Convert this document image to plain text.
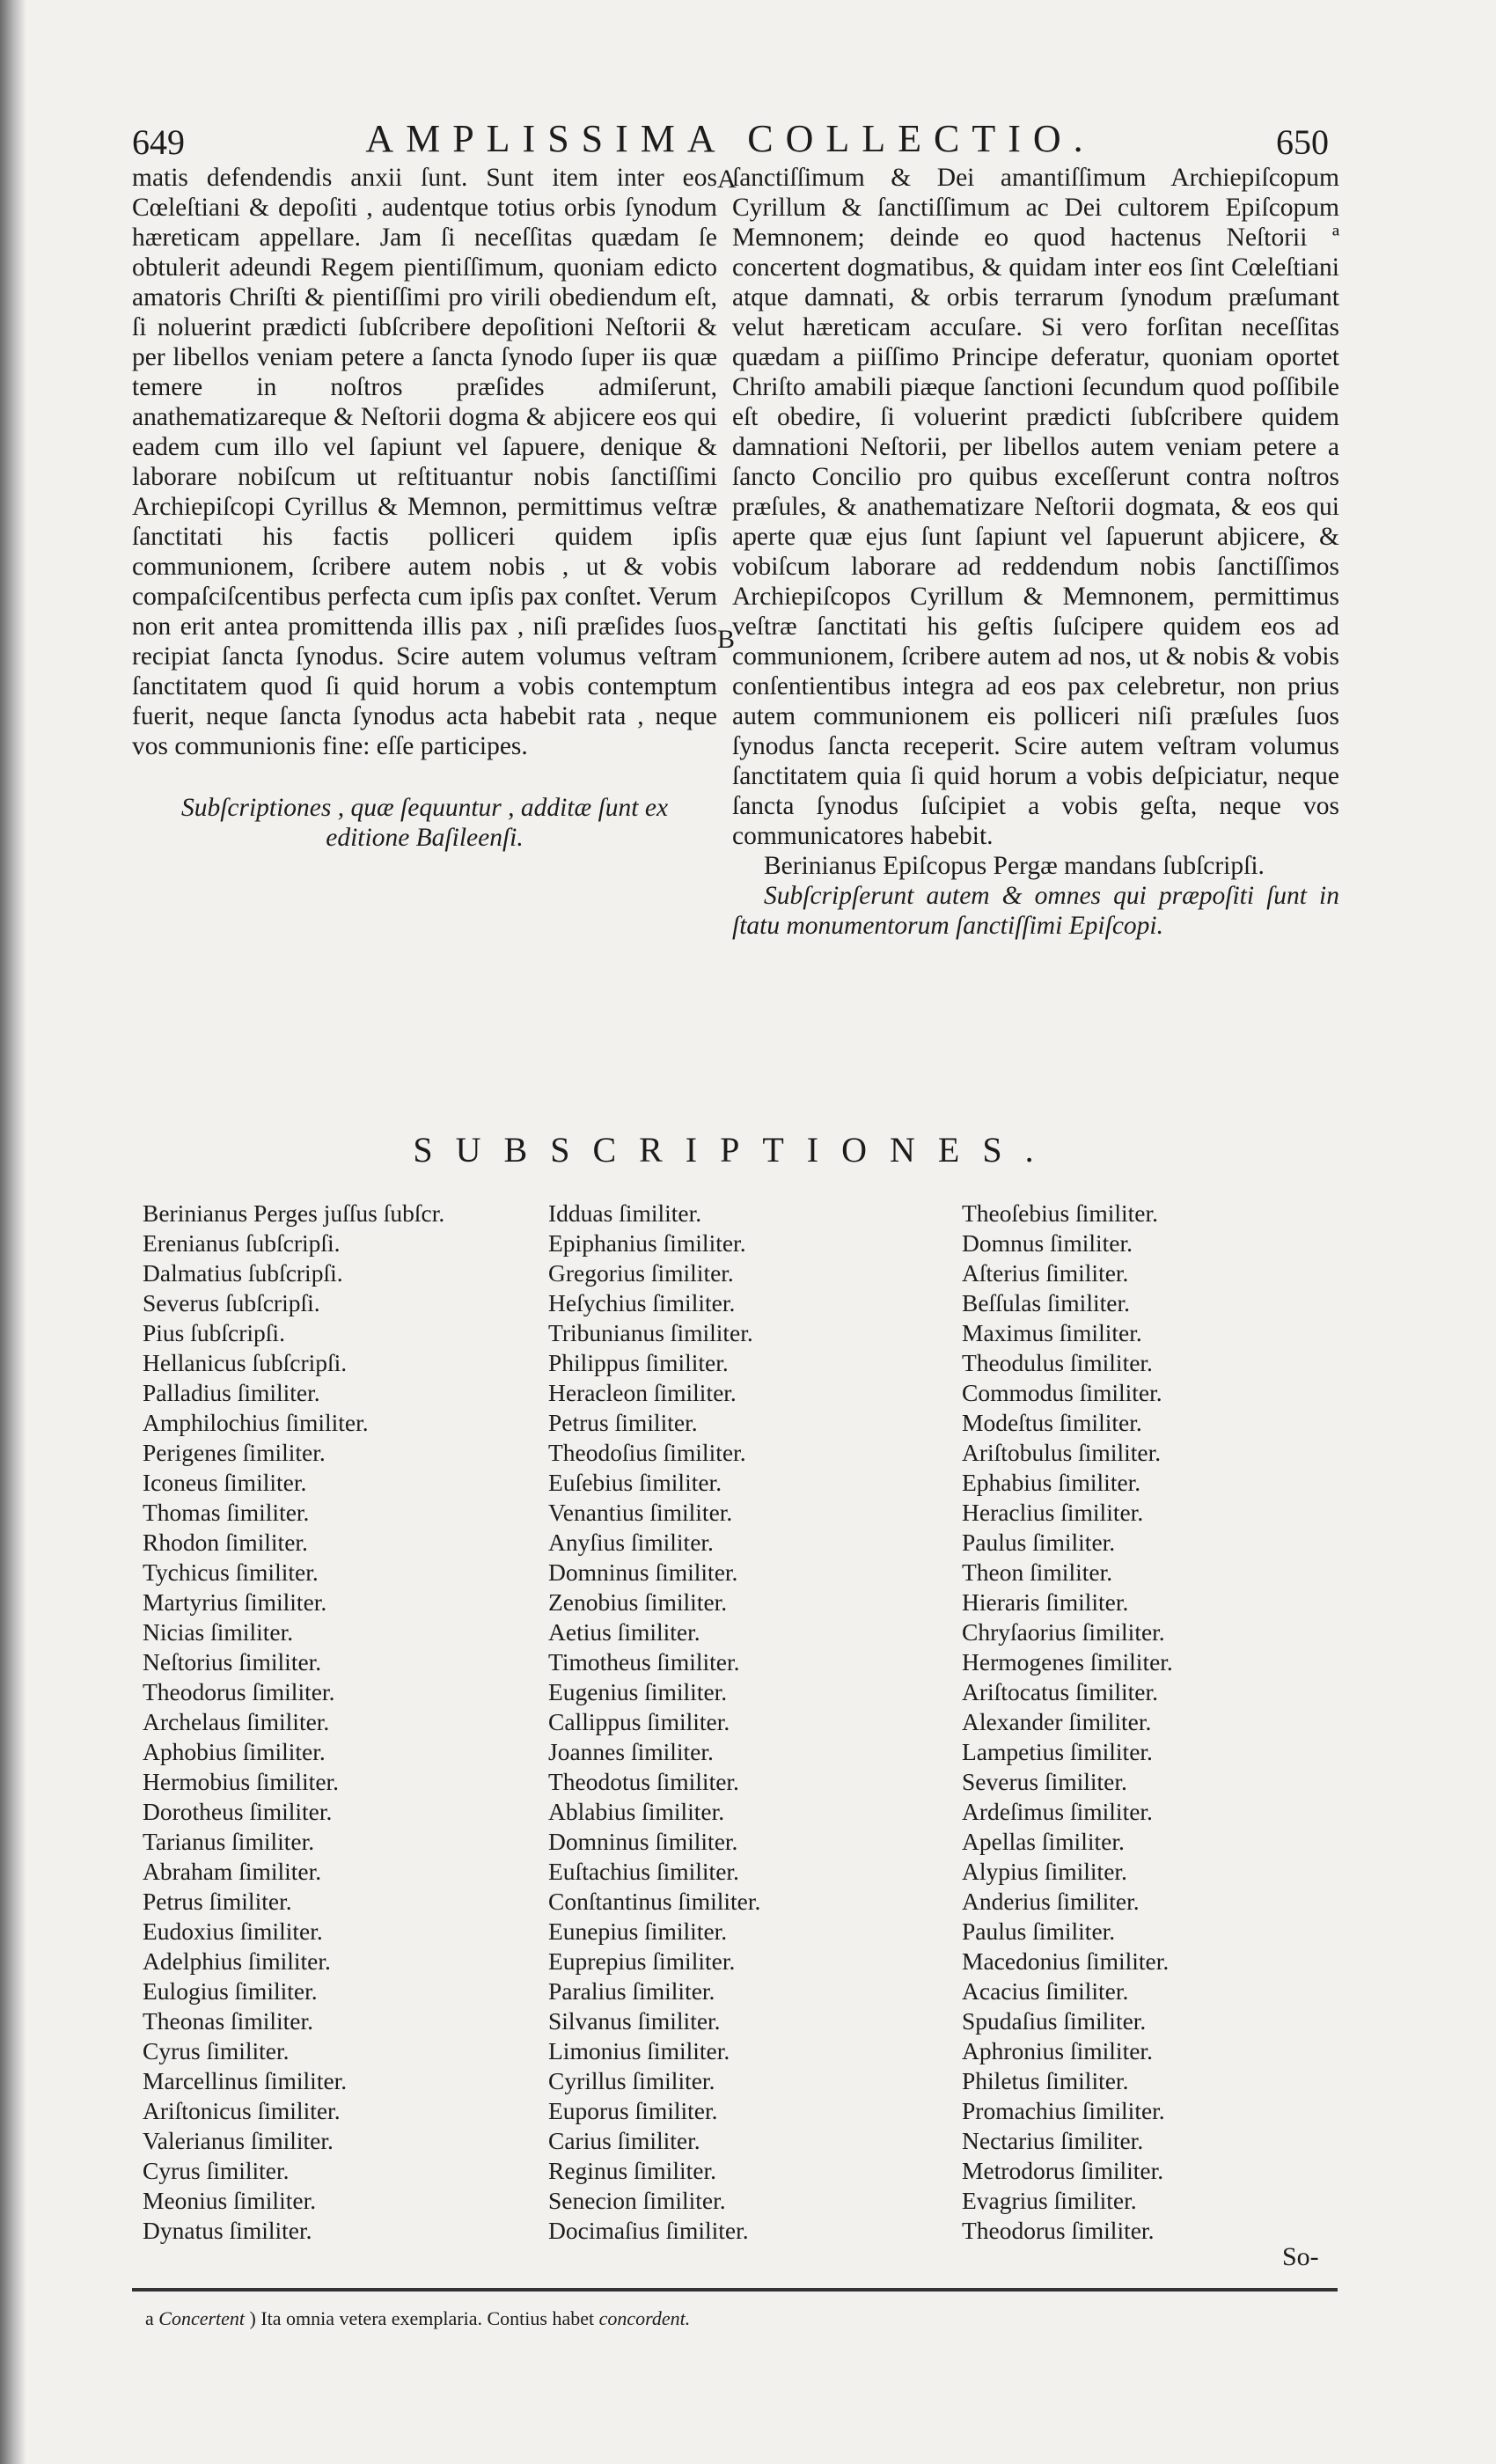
649	AMPLISSIMA COLLECTIO.	650
A
B

matis defendendis anxii ſunt. Sunt item inter eos Cœleſtiani & depoſiti , audentque totius orbis ſynodum hæreticam appellare. Jam ſi neceſſitas quædam ſe obtulerit adeundi Regem pientiſſimum, quoniam edicto amatoris Chriſti & pientiſſimi pro virili obediendum eſt, ſi noluerint prædicti ſubſcribere depoſitioni Neſtorii & per libellos veniam petere a ſancta ſynodo ſuper iis quæ temere in noſtros præſides admiſerunt, anathematizareque & Neſtorii dogma & abjicere eos qui eadem cum illo vel ſapiunt vel ſapuere, denique & laborare nobiſcum ut reſtituantur nobis ſanctiſſimi Archiepiſcopi Cyrillus & Memnon, permittimus veſtræ ſanctitati his factis polliceri quidem ipſis communionem, ſcribere autem nobis , ut & vobis compaſciſcentibus perfecta cum ipſis pax conſtet. Verum non erit antea promittenda illis pax , niſi præſides ſuos recipiat ſancta ſynodus. Scire autem volumus veſtram ſanctitatem quod ſi quid horum a vobis contemptum fuerit, neque ſancta ſynodus acta habebit rata , neque vos communionis fine: eſſe participes.

Subſcriptiones , quæ ſequuntur , additæ ſunt ex editione Baſileenſi.

ſanctiſſimum & Dei amantiſſimum Archiepiſcopum Cyrillum & ſanctiſſimum ac Dei cultorem Epiſcopum Memnonem; deinde eo quod hactenus Neſtorii ª concertent dogmatibus, & quidam inter eos ſint Cœleſtiani atque damnati, & orbis terrarum ſynodum præſumant velut hæreticam accuſare. Si vero forſitan neceſſitas quædam a piiſſimo Principe deferatur, quoniam oportet Chriſto amabili piæque ſanctioni ſecundum quod poſſibile eſt obedire, ſi voluerint prædicti ſubſcribere quidem damnationi Neſtorii, per libellos autem veniam petere a ſancto Concilio pro quibus exceſſerunt contra noſtros præſules, & anathematizare Neſtorii dogmata, & eos qui aperte quæ ejus ſunt ſapiunt vel ſapuerunt abjicere, & vobiſcum laborare ad reddendum nobis ſanctiſſimos Archiepiſcopos Cyrillum & Memnonem, permittimus veſtræ ſanctitati his geſtis ſuſcipere quidem eos ad communionem, ſcribere autem ad nos, ut & nobis & vobis conſentientibus integra ad eos pax celebretur, non prius autem communionem eis polliceri niſi præſules ſuos ſynodus ſancta receperit. Scire autem veſtram volumus ſanctitatem quia ſi quid horum a vobis deſpiciatur, neque ſancta ſynodus ſuſcipiet a vobis geſta, neque vos communicatores habebit.

Berinianus Epiſcopus Pergæ mandans ſubſcripſi.

Subſcripſerunt autem & omnes qui præpoſiti ſunt in ſtatu monumentorum ſanctiſſimi Epiſcopi.

SUBSCRIPTIONES.
Berinianus Perges juſſus ſubſcr.
Erenianus ſubſcripſi.
Dalmatius ſubſcripſi.
Severus ſubſcripſi.
Pius ſubſcripſi.
Hellanicus ſubſcripſi.
Palladius ſimiliter.
Amphilochius ſimiliter.
Perigenes ſimiliter.
Iconeus ſimiliter.
Thomas ſimiliter.
Rhodon ſimiliter.
Tychicus ſimiliter.
Martyrius ſimiliter.
Nicias ſimiliter.
Neſtorius ſimiliter.
Theodorus ſimiliter.
Archelaus ſimiliter.
Aphobius ſimiliter.
Hermobius ſimiliter.
Dorotheus ſimiliter.
Tarianus ſimiliter.
Abraham ſimiliter.
Petrus ſimiliter.
Eudoxius ſimiliter.
Adelphius ſimiliter.
Eulogius ſimiliter.
Theonas ſimiliter.
Cyrus ſimiliter.
Marcellinus ſimiliter.
Ariſtonicus ſimiliter.
Valerianus ſimiliter.
Cyrus ſimiliter.
Meonius ſimiliter.
Dynatus ſimiliter.
Idduas ſimiliter.
Epiphanius ſimiliter.
Gregorius ſimiliter.
Heſychius ſimiliter.
Tribunianus ſimiliter.
Philippus ſimiliter.
Heracleon ſimiliter.
Petrus ſimiliter.
Theodoſius ſimiliter.
Euſebius ſimiliter.
Venantius ſimiliter.
Anyſius ſimiliter.
Domninus ſimiliter.
Zenobius ſimiliter.
Aetius ſimiliter.
Timotheus ſimiliter.
Eugenius ſimiliter.
Callippus ſimiliter.
Joannes ſimiliter.
Theodotus ſimiliter.
Ablabius ſimiliter.
Domninus ſimiliter.
Euſtachius ſimiliter.
Conſtantinus ſimiliter.
Eunepius ſimiliter.
Euprepius ſimiliter.
Paralius ſimiliter.
Silvanus ſimiliter.
Limonius ſimiliter.
Cyrillus ſimiliter.
Euporus ſimiliter.
Carius ſimiliter.
Reginus ſimiliter.
Senecion ſimiliter.
Docimaſius ſimiliter.
Theoſebius ſimiliter.
Domnus ſimiliter.
Aſterius ſimiliter.
Beſſulas ſimiliter.
Maximus ſimiliter.
Theodulus ſimiliter.
Commodus ſimiliter.
Modeſtus ſimiliter.
Ariſtobulus ſimiliter.
Ephabius ſimiliter.
Heraclius ſimiliter.
Paulus ſimiliter.
Theon ſimiliter.
Hieraris ſimiliter.
Chryſaorius ſimiliter.
Hermogenes ſimiliter.
Ariſtocatus ſimiliter.
Alexander ſimiliter.
Lampetius ſimiliter.
Severus ſimiliter.
Ardeſimus ſimiliter.
Apellas ſimiliter.
Alypius ſimiliter.
Anderius ſimiliter.
Paulus ſimiliter.
Macedonius ſimiliter.
Acacius ſimiliter.
Spudaſius ſimiliter.
Aphronius ſimiliter.
Philetus ſimiliter.
Promachius ſimiliter.
Nectarius ſimiliter.
Metrodorus ſimiliter.
Evagrius ſimiliter.
Theodorus ſimiliter.
So-
a Concertent ) Ita omnia vetera exemplaria. Contius habet concordent.
